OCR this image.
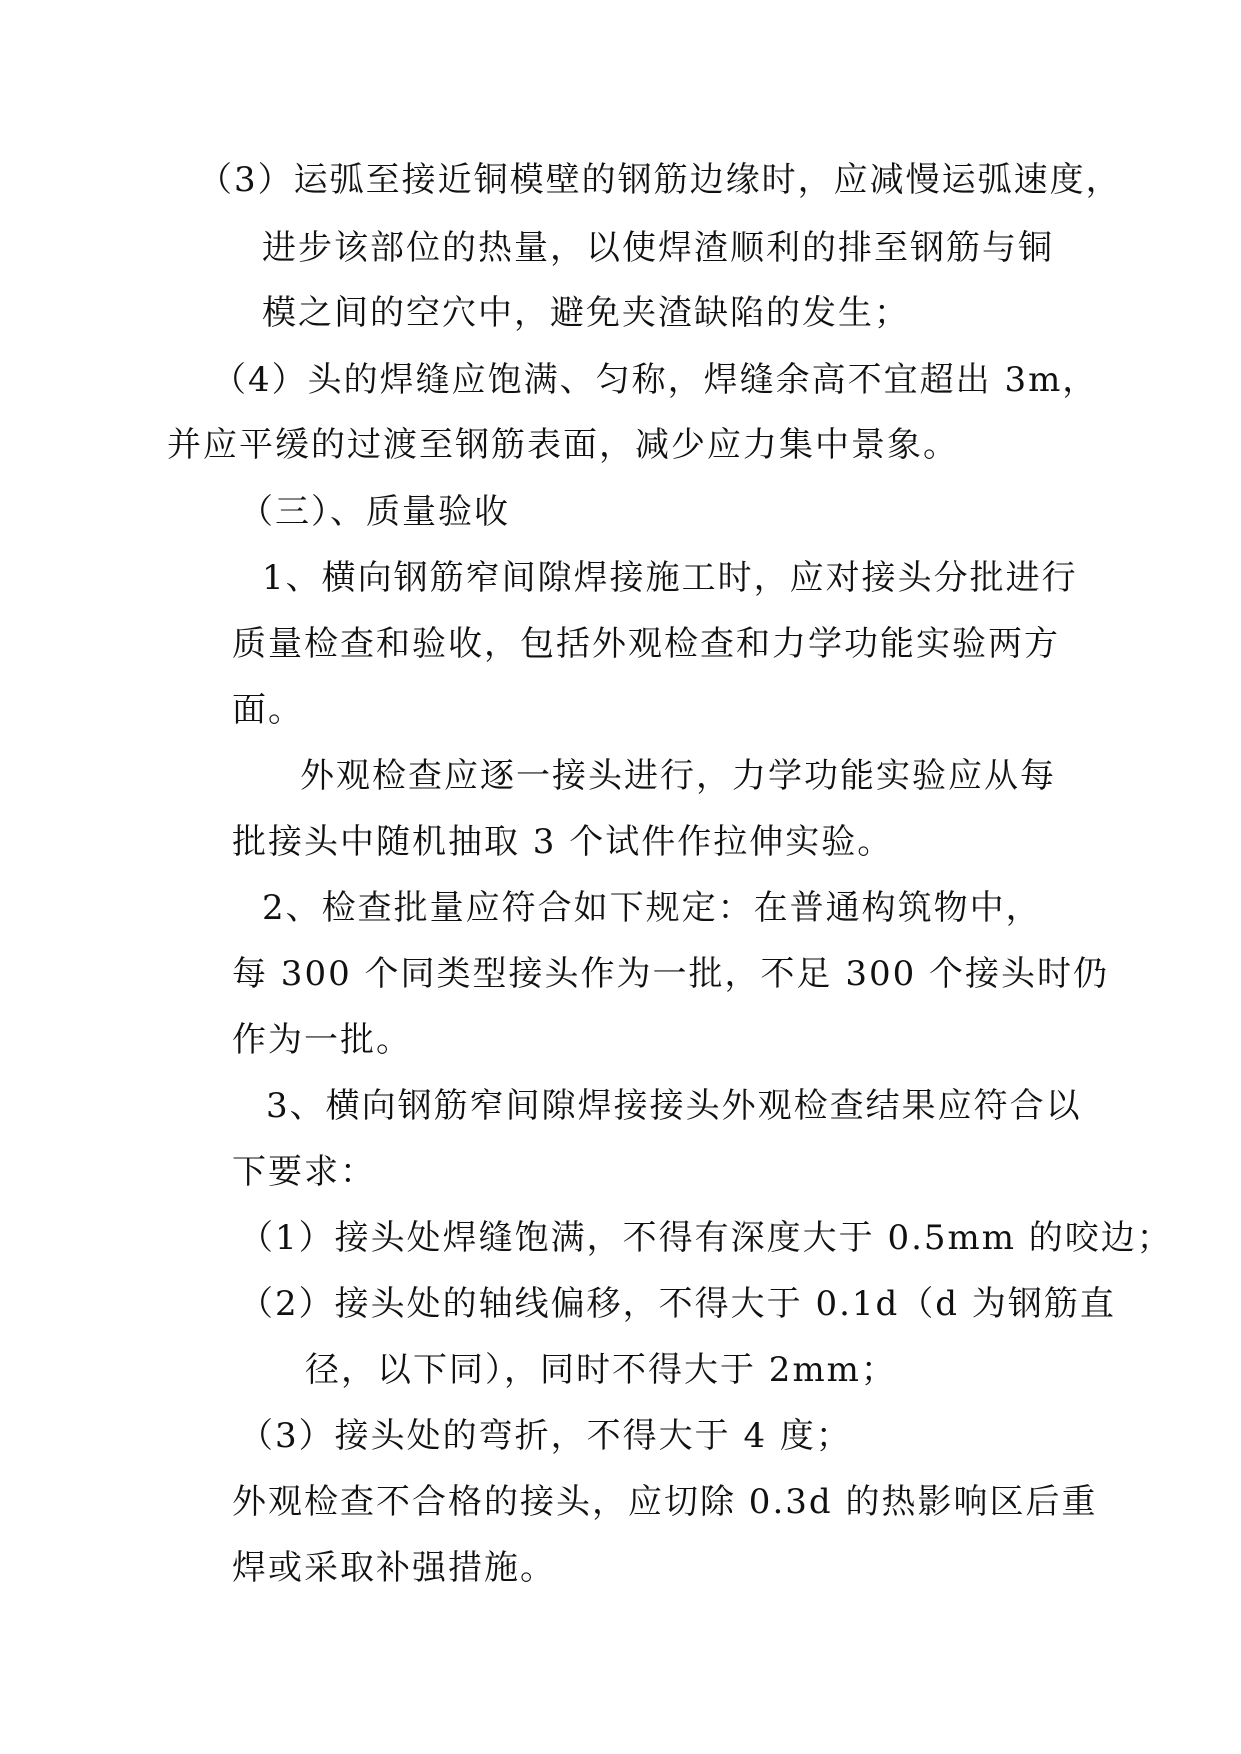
（3）运弧至接近铜模壁的钢筋边缘时，应减慢运弧速度，
进步该部位的热量，以使焊渣顺利的排至钢筋与铜
模之间的空穴中，避免夹渣缺陷的发生；
（4）头的焊缝应饱满、匀称，焊缝余高不宜超出 3m，
并应平缓的过渡至钢筋表面，减少应力集中景象。
（三）、质量验收
1、横向钢筋窄间隙焊接施工时，应对接头分批进行
质量检查和验收，包括外观检查和力学功能实验两方
面。
外观检查应逐一接头进行，力学功能实验应从每
批接头中随机抽取 3 个试件作拉伸实验。
2、检查批量应符合如下规定：在普通构筑物中，
每 300 个同类型接头作为一批，不足 300 个接头时仍
作为一批。
3、横向钢筋窄间隙焊接接头外观检查结果应符合以
下要求：
（1）接头处焊缝饱满，不得有深度大于 0.5mm 的咬边；
（2）接头处的轴线偏移，不得大于 0.1d（d 为钢筋直
径，以下同），同时不得大于 2mm；
（3）接头处的弯折，不得大于 4 度；
外观检查不合格的接头，应切除 0.3d 的热影响区后重
焊或采取补强措施。
